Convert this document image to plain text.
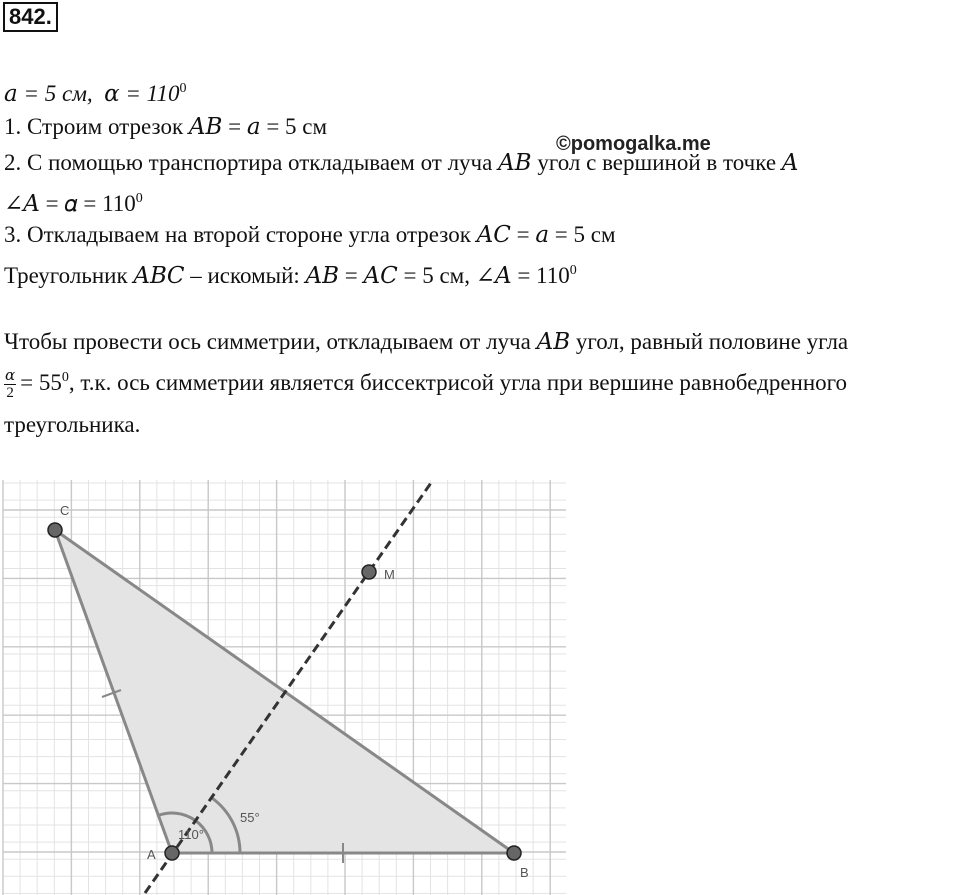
842.
𝑎 = 5 см, 𝛼 = $110^0$
1. Строим отрезок 𝐴𝐵 = 𝑎 = 5 см
©pomogalka.me
2. С помощью транспортира откладываем от луча 𝐴𝐵 угол с вершиной в точке 𝐴
∠𝐴 = 𝛼 = $110^0$
3. Откладываем на второй стороне угла отрезок 𝐴𝐶 = 𝑎 = 5 см
Треугольник 𝐴𝐵𝐶 – искомый: 𝐴𝐵 = 𝐴𝐶 = 5 см, ∠𝐴 = $110^0$
Чтобы провести ось симметрии, откладываем от луча 𝐴𝐵 угол, равный половине угла
$\frac{\text{𝛼}}{2} = 55^0$, т.к. ось симметрии является биссектрисой угла при вершине равнобедренного
треугольника.
C
M
A
B
110°
55°
